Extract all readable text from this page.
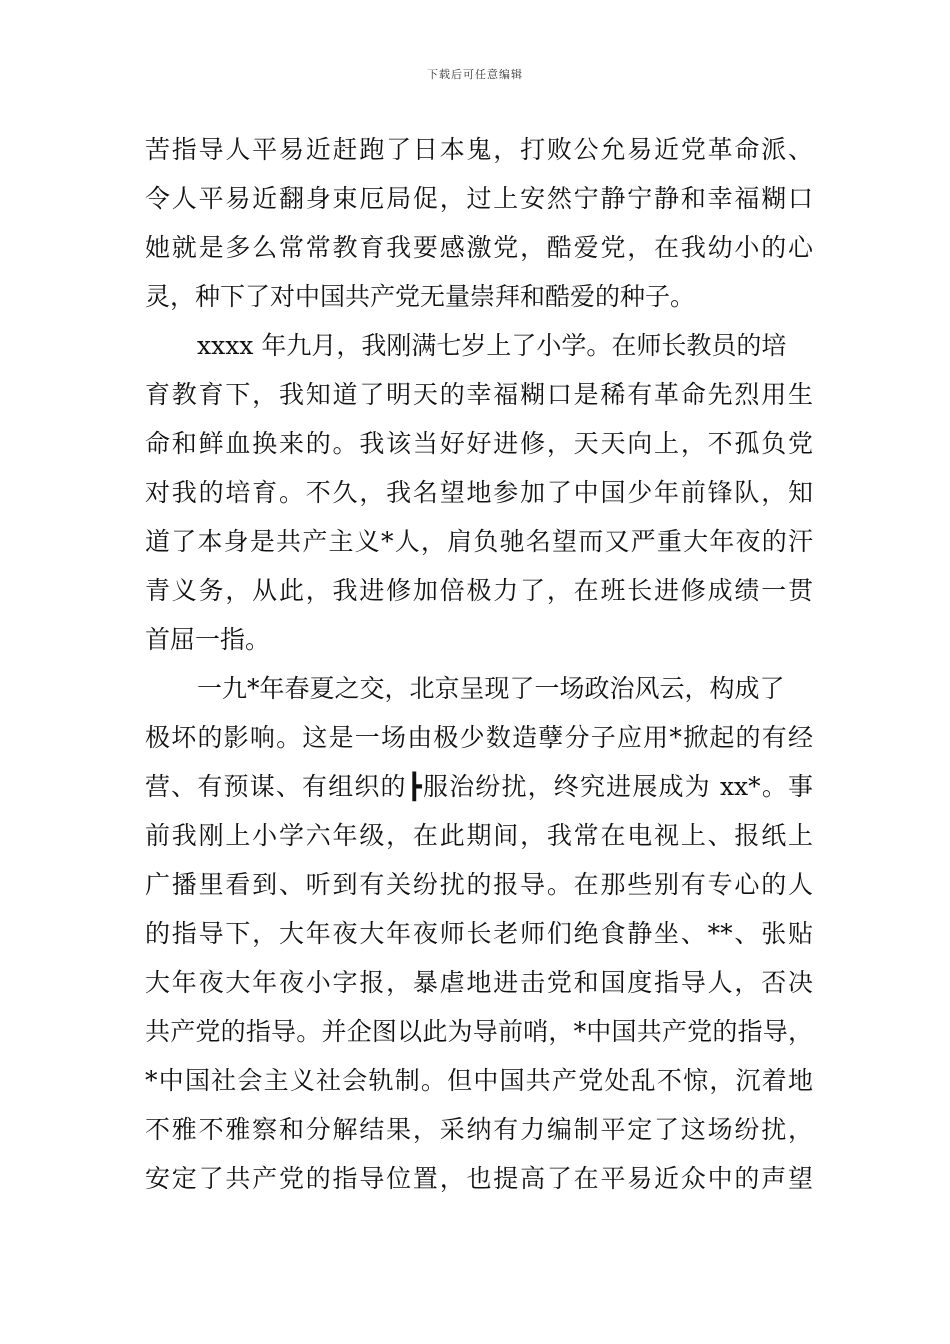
下载后可任意编辑
苦指导人平易近赶跑了日本鬼，打败公允易近党革命派、
令人平易近翻身束厄局促，过上安然宁静宁静和幸福糊口
她就是多么常常教育我要感激党，酷爱党，在我幼小的心
灵，种下了对中国共产党无量崇拜和酷爱的种子。
xxxx 年九月，我刚满七岁上了小学。在师长教员的培
育教育下，我知道了明天的幸福糊口是稀有革命先烈用生
命和鲜血换来的。我该当好好进修，天天向上，不孤负党
对我的培育。不久，我名望地参加了中国少年前锋队，知
道了本身是共产主义*人，肩负驰名望而又严重大年夜的汗
青义务，从此，我进修加倍极力了，在班长进修成绩一贯
首屈一指。
一九*年春夏之交，北京呈现了一场政治风云，构成了
极坏的影响。这是一场由极少数造孽分子应用*掀起的有经
营、有预谋、有组织的┣服治纷扰，终究进展成为 xx*。事
前我刚上小学六年级，在此期间，我常在电视上、报纸上
广播里看到、听到有关纷扰的报导。在那些别有专心的人
的指导下，大年夜大年夜师长老师们绝食静坐、**、张贴
大年夜大年夜小字报，暴虐地进击党和国度指导人，否决
共产党的指导。并企图以此为导前哨，*中国共产党的指导，
*中国社会主义社会轨制。但中国共产党处乱不惊，沉着地
不雅不雅察和分解结果，采纳有力编制平定了这场纷扰，
安定了共产党的指导位置，也提高了在平易近众中的声望
